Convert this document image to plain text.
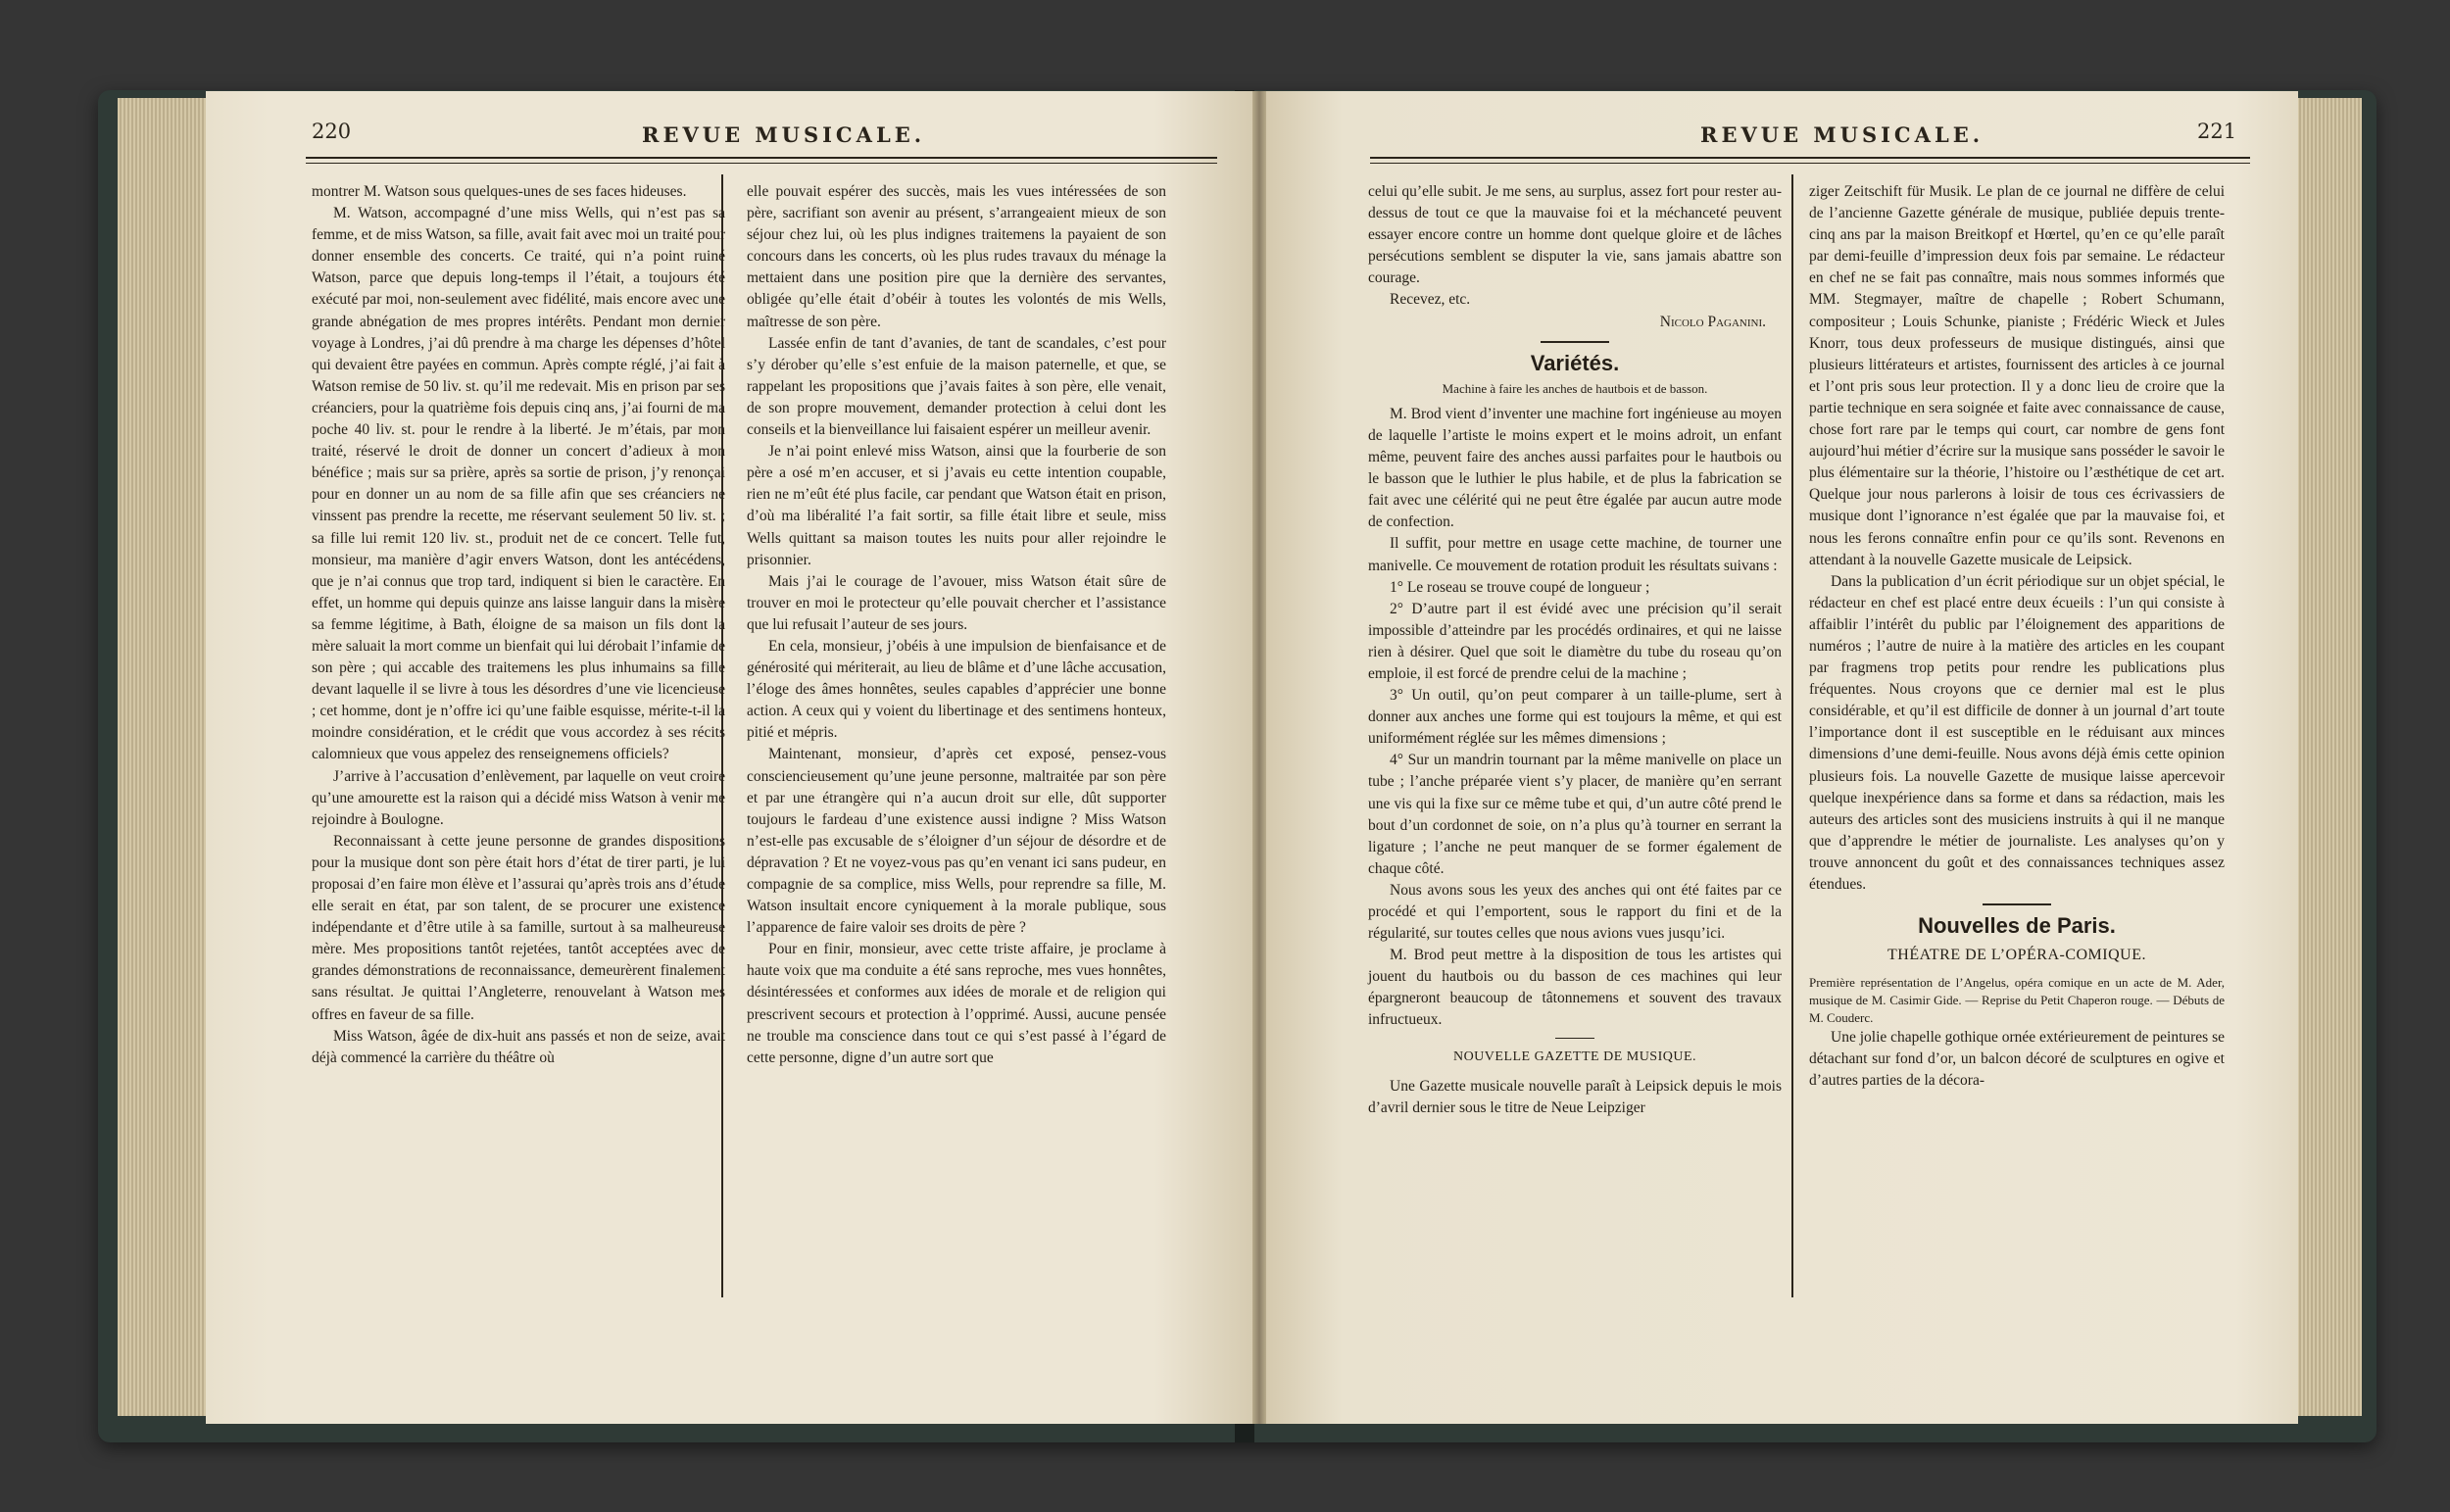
220	REVUE MUSICALE.

montrer M. Watson sous quelques-unes de ses faces hideuses.

M. Watson, accompagné d’une miss Wells, qui n’est pas sa femme, et de miss Watson, sa fille, avait fait avec moi un traité pour donner ensemble des concerts. Ce traité, qui n’a point ruiné Watson, parce que depuis long-temps il l’était, a toujours été exécuté par moi, non-seulement avec fidélité, mais encore avec une grande abnégation de mes propres intérêts. Pendant mon dernier voyage à Londres, j’ai dû prendre à ma charge les dépenses d’hôtel qui devaient être payées en commun. Après compte réglé, j’ai fait à Watson remise de 50 liv. st. qu’il me redevait. Mis en prison par ses créanciers, pour la quatrième fois depuis cinq ans, j’ai fourni de ma poche 40 liv. st. pour le rendre à la liberté. Je m’étais, par mon traité, réservé le droit de donner un concert d’adieux à mon bénéfice ; mais sur sa prière, après sa sortie de prison, j’y renonçai pour en donner un au nom de sa fille afin que ses créanciers ne vinssent pas prendre la recette, me réservant seulement 50 liv. st. ; sa fille lui remit 120 liv. st., produit net de ce concert. Telle fut, monsieur, ma manière d’agir envers Watson, dont les antécédens, que je n’ai connus que trop tard, indiquent si bien le caractère. En effet, un homme qui depuis quinze ans laisse languir dans la misère sa femme légitime, à Bath, éloigne de sa maison un fils dont la mère saluait la mort comme un bienfait qui lui dérobait l’infamie de son père ; qui accable des traitemens les plus inhumains sa fille devant laquelle il se livre à tous les désordres d’une vie licencieuse ; cet homme, dont je n’offre ici qu’une faible esquisse, mérite-t-il la moindre considération, et le crédit que vous accordez à ses récits calomnieux que vous appelez des renseignemens officiels?

J’arrive à l’accusation d’enlèvement, par laquelle on veut croire qu’une amourette est la raison qui a décidé miss Watson à venir me rejoindre à Boulogne.

Reconnaissant à cette jeune personne de grandes dispositions pour la musique dont son père était hors d’état de tirer parti, je lui proposai d’en faire mon élève et l’assurai qu’après trois ans d’étude elle serait en état, par son talent, de se procurer une existence indépendante et d’être utile à sa famille, surtout à sa malheureuse mère. Mes propositions tantôt rejetées, tantôt acceptées avec de grandes démonstrations de reconnaissance, demeurèrent finalement sans résultat. Je quittai l’Angleterre, renouvelant à Watson mes offres en faveur de sa fille.

Miss Watson, âgée de dix-huit ans passés et non de seize, avait déjà commencé la carrière du théâtre où

elle pouvait espérer des succès, mais les vues intéressées de son père, sacrifiant son avenir au présent, s’arrangeaient mieux de son séjour chez lui, où les plus indignes traitemens la payaient de son concours dans les concerts, où les plus rudes travaux du ménage la mettaient dans une position pire que la dernière des servantes, obligée qu’elle était d’obéir à toutes les volontés de mis Wells, maîtresse de son père.

Lassée enfin de tant d’avanies, de tant de scandales, c’est pour s’y dérober qu’elle s’est enfuie de la maison paternelle, et que, se rappelant les propositions que j’avais faites à son père, elle venait, de son propre mouvement, demander protection à celui dont les conseils et la bienveillance lui faisaient espérer un meilleur avenir.

Je n’ai point enlevé miss Watson, ainsi que la fourberie de son père a osé m’en accuser, et si j’avais eu cette intention coupable, rien ne m’eût été plus facile, car pendant que Watson était en prison, d’où ma libéralité l’a fait sortir, sa fille était libre et seule, miss Wells quittant sa maison toutes les nuits pour aller rejoindre le prisonnier.

Mais j’ai le courage de l’avouer, miss Watson était sûre de trouver en moi le protecteur qu’elle pouvait chercher et l’assistance que lui refusait l’auteur de ses jours.

En cela, monsieur, j’obéis à une impulsion de bienfaisance et de générosité qui mériterait, au lieu de blâme et d’une lâche accusation, l’éloge des âmes honnêtes, seules capables d’apprécier une bonne action. A ceux qui y voient du libertinage et des sentimens honteux, pitié et mépris.

Maintenant, monsieur, d’après cet exposé, pensez-vous consciencieusement qu’une jeune personne, maltraitée par son père et par une étrangère qui n’a aucun droit sur elle, dût supporter toujours le fardeau d’une existence aussi indigne ? Miss Watson n’est-elle pas excusable de s’éloigner d’un séjour de désordre et de dépravation ? Et ne voyez-vous pas qu’en venant ici sans pudeur, en compagnie de sa complice, miss Wells, pour reprendre sa fille, M. Watson insultait encore cyniquement à la morale publique, sous l’apparence de faire valoir ses droits de père ?

Pour en finir, monsieur, avec cette triste affaire, je proclame à haute voix que ma conduite a été sans reproche, mes vues honnêtes, désintéressées et conformes aux idées de morale et de religion qui prescrivent secours et protection à l’opprimé. Aussi, aucune pensée ne trouble ma conscience dans tout ce qui s’est passé à l’égard de cette personne, digne d’un autre sort que

REVUE MUSICALE.	221

celui qu’elle subit. Je me sens, au surplus, assez fort pour rester au-dessus de tout ce que la mauvaise foi et la méchanceté peuvent essayer encore contre un homme dont quelque gloire et de lâches persécutions semblent se disputer la vie, sans jamais abattre son courage.

Recevez, etc.

Nicolo Paganini.

Variétés.
Machine à faire les anches de hautbois et de basson.

M. Brod vient d’inventer une machine fort ingénieuse au moyen de laquelle l’artiste le moins expert et le moins adroit, un enfant même, peuvent faire des anches aussi parfaites pour le hautbois ou le basson que le luthier le plus habile, et de plus la fabrication se fait avec une célérité qui ne peut être égalée par aucun autre mode de confection.

Il suffit, pour mettre en usage cette machine, de tourner une manivelle. Ce mouvement de rotation produit les résultats suivans :

1° Le roseau se trouve coupé de longueur ;

2° D’autre part il est évidé avec une précision qu’il serait impossible d’atteindre par les procédés ordinaires, et qui ne laisse rien à désirer. Quel que soit le diamètre du tube du roseau qu’on emploie, il est forcé de prendre celui de la machine ;

3° Un outil, qu’on peut comparer à un taille-plume, sert à donner aux anches une forme qui est toujours la même, et qui est uniformément réglée sur les mêmes dimensions ;

4° Sur un mandrin tournant par la même manivelle on place un tube ; l’anche préparée vient s’y placer, de manière qu’en serrant une vis qui la fixe sur ce même tube et qui, d’un autre côté prend le bout d’un cordonnet de soie, on n’a plus qu’à tourner en serrant la ligature ; l’anche ne peut manquer de se former également de chaque côté.

Nous avons sous les yeux des anches qui ont été faites par ce procédé et qui l’emportent, sous le rapport du fini et de la régularité, sur toutes celles que nous avions vues jusqu’ici.

M. Brod peut mettre à la disposition de tous les artistes qui jouent du hautbois ou du basson de ces machines qui leur épargneront beaucoup de tâtonnemens et souvent des travaux infructueux.

NOUVELLE GAZETTE DE MUSIQUE.

Une Gazette musicale nouvelle paraît à Leipsick depuis le mois d’avril dernier sous le titre de Neue Leipziger

ziger Zeitschift für Musik. Le plan de ce journal ne diffère de celui de l’ancienne Gazette générale de musique, publiée depuis trente-cinq ans par la maison Breitkopf et Hœrtel, qu’en ce qu’elle paraît par demi-feuille d’impression deux fois par semaine. Le rédacteur en chef ne se fait pas connaître, mais nous sommes informés que MM. Stegmayer, maître de chapelle ; Robert Schumann, compositeur ; Louis Schunke, pianiste ; Frédéric Wieck et Jules Knorr, tous deux professeurs de musique distingués, ainsi que plusieurs littérateurs et artistes, fournissent des articles à ce journal et l’ont pris sous leur protection. Il y a donc lieu de croire que la partie technique en sera soignée et faite avec connaissance de cause, chose fort rare par le temps qui court, car nombre de gens font aujourd’hui métier d’écrire sur la musique sans posséder le savoir le plus élémentaire sur la théorie, l’histoire ou l’æsthétique de cet art. Quelque jour nous parlerons à loisir de tous ces écrivassiers de musique dont l’ignorance n’est égalée que par la mauvaise foi, et nous les ferons connaître enfin pour ce qu’ils sont. Revenons en attendant à la nouvelle Gazette musicale de Leipsick.

Dans la publication d’un écrit périodique sur un objet spécial, le rédacteur en chef est placé entre deux écueils : l’un qui consiste à affaiblir l’intérêt du public par l’éloignement des apparitions de numéros ; l’autre de nuire à la matière des articles en les coupant par fragmens trop petits pour rendre les publications plus fréquentes. Nous croyons que ce dernier mal est le plus considérable, et qu’il est difficile de donner à un journal d’art toute l’importance dont il est susceptible en le réduisant aux minces dimensions d’une demi-feuille. Nous avons déjà émis cette opinion plusieurs fois. La nouvelle Gazette de musique laisse apercevoir quelque inexpérience dans sa forme et dans sa rédaction, mais les auteurs des articles sont des musiciens instruits à qui il ne manque que d’apprendre le métier de journaliste. Les analyses qu’on y trouve annoncent du goût et des connaissances techniques assez étendues.

Nouvelles de Paris.
THÉATRE DE L’OPÉRA-COMIQUE.

Première représentation de l’Angelus, opéra comique en un acte de M. Ader, musique de M. Casimir Gide. — Reprise du Petit Chaperon rouge. — Débuts de M. Couderc.

Une jolie chapelle gothique ornée extérieurement de peintures se détachant sur fond d’or, un balcon décoré de sculptures en ogive et d’autres parties de la décora-
